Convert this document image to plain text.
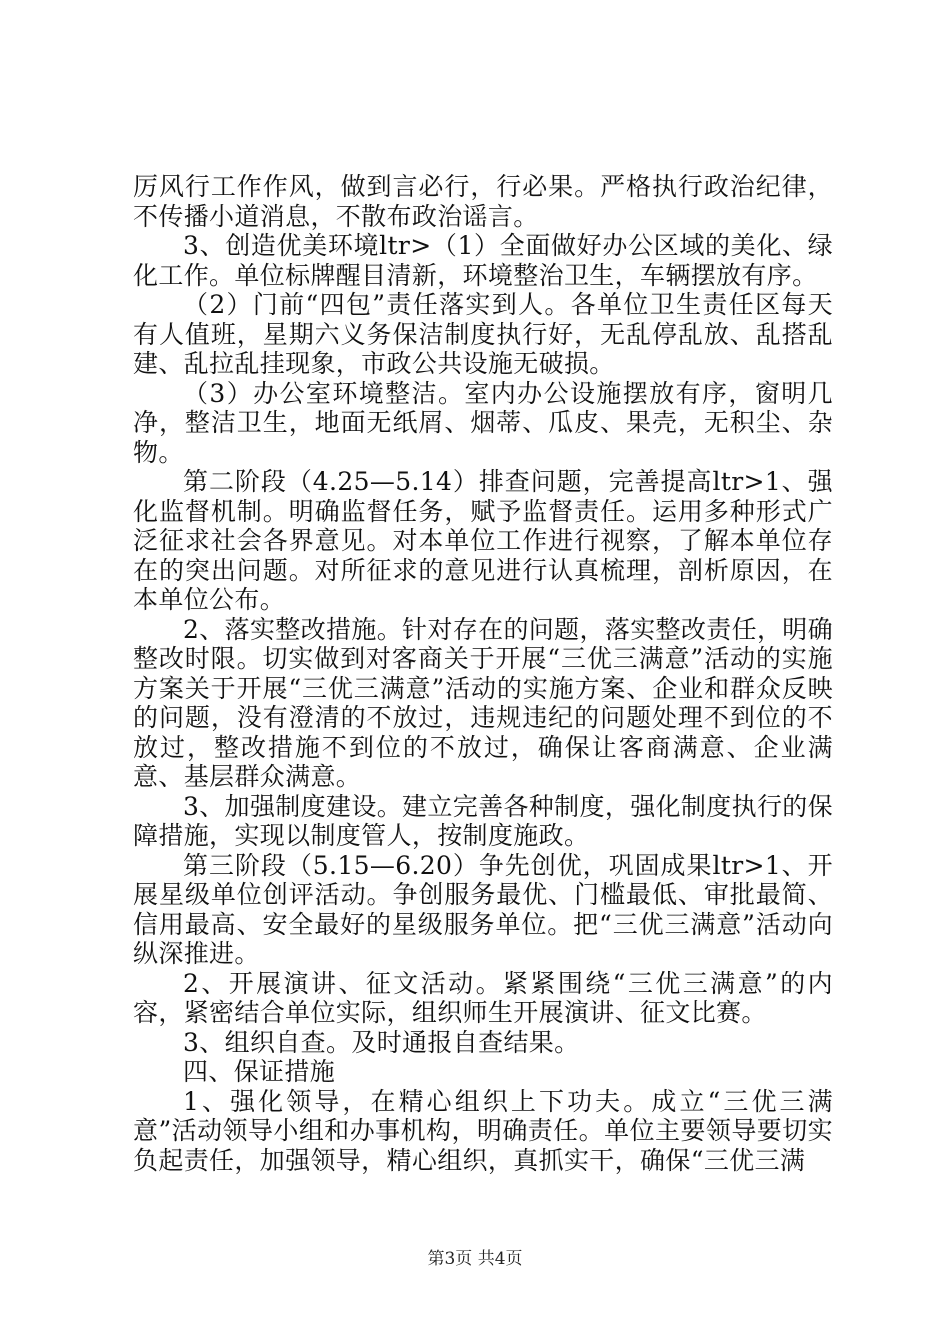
厉风行工作作风，做到言必行，行必果。严格执行政治纪律，不传播小道消息，不散布政治谣言。

3、创造优美环境ltr>（1）全面做好办公区域的美化、绿化工作。单位标牌醒目清新，环境整治卫生，车辆摆放有序。

（2）门前“四包”责任落实到人。各单位卫生责任区每天有人值班，星期六义务保洁制度执行好，无乱停乱放、乱搭乱建、乱拉乱挂现象，市政公共设施无破损。

（3）办公室环境整洁。室内办公设施摆放有序，窗明几净，整洁卫生，地面无纸屑、烟蒂、瓜皮、果壳，无积尘、杂物。

第二阶段（4.25—5.14）排查问题，完善提高ltr>1、强化监督机制。明确监督任务，赋予监督责任。运用多种形式广泛征求社会各界意见。对本单位工作进行视察，了解本单位存在的突出问题。对所征求的意见进行认真梳理，剖析原因，在本单位公布。

2、落实整改措施。针对存在的问题，落实整改责任，明确整改时限。切实做到对客商关于开展“三优三满意”活动的实施方案关于开展“三优三满意”活动的实施方案、企业和群众反映的问题，没有澄清的不放过，违规违纪的问题处理不到位的不放过，整改措施不到位的不放过，确保让客商满意、企业满意、基层群众满意。

3、加强制度建设。建立完善各种制度，强化制度执行的保障措施，实现以制度管人，按制度施政。

第三阶段（5.15—6.20）争先创优，巩固成果ltr>1、开展星级单位创评活动。争创服务最优、门槛最低、审批最简、信用最高、安全最好的星级服务单位。把“三优三满意”活动向纵深推进。

2、开展演讲、征文活动。紧紧围绕“三优三满意”的内容，紧密结合单位实际，组织师生开展演讲、征文比赛。

3、组织自查。及时通报自查结果。

四、保证措施

1、强化领导，在精心组织上下功夫。成立“三优三满意”活动领导小组和办事机构，明确责任。单位主要领导要切实负起责任，加强领导，精心组织，真抓实干，确保“三优三满

第3页 共4页
